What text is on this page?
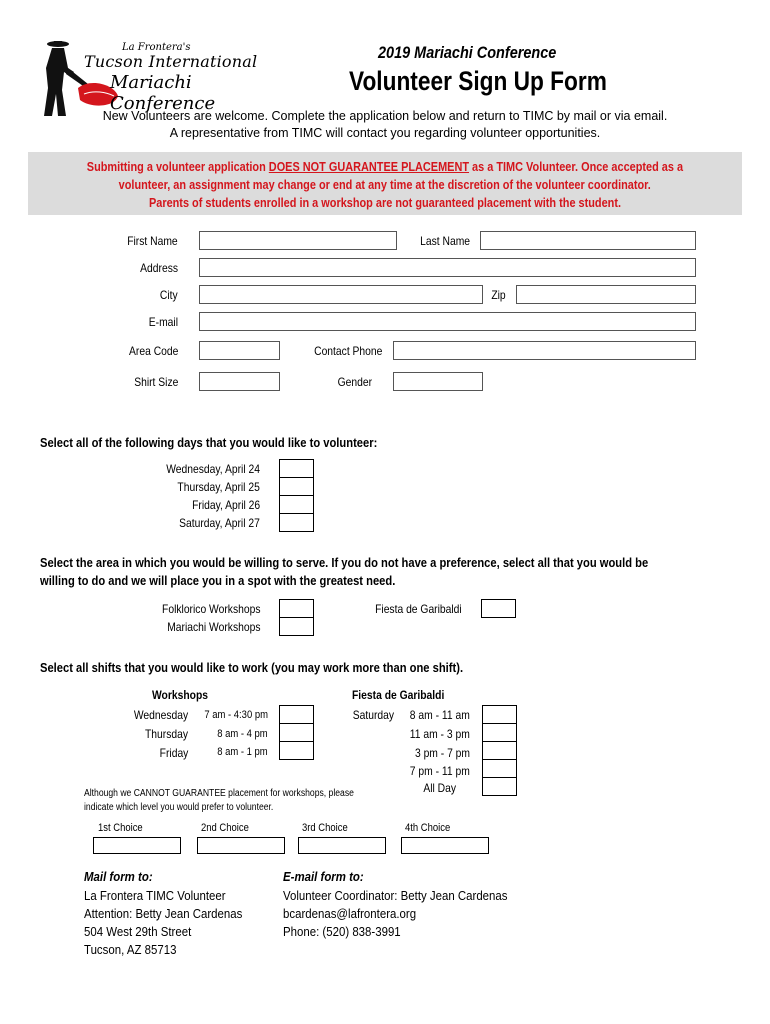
La Frontera's
Tucson International
Mariachi Conference
2019 Mariachi Conference
Volunteer Sign Up Form
New Volunteers are welcome. Complete the application below and return to TIMC by mail or via email.
A representative from TIMC will contact you regarding volunteer opportunities.
Submitting a volunteer application DOES NOT GUARANTEE PLACEMENT as a TIMC Volunteer. Once accepted as a
volunteer, an assignment may change or end at any time at the discretion of the volunteer coordinator.
Parents of students enrolled in a workshop are not guaranteed placement with the student.
First Name	Last Name
Address
City	Zip
E-mail
Area Code	Contact Phone
Shirt Size	Gender
Select all of the following days that you would like to volunteer:
Wednesday, April 24
Thursday, April 25
Friday, April 26
Saturday, April 27
Select the area in which you would be willing to serve. If you do not have a preference, select all that you would be
willing to do and we will place you in a spot with the greatest need.
Folklorico Workshops
Mariachi Workshops
Fiesta de Garibaldi
Select all shifts that you would like to work (you may work more than one shift).
Workshops
Wednesday 7 am - 4:30 pm
Thursday	8 am - 4 pm
Friday	8 am - 1 pm
Fiesta de Garibaldi
Saturday 8 am - 11 am
11 am - 3 pm
3 pm - 7 pm
7 pm - 11 pm
All Day
Although we CANNOT GUARANTEE placement for workshops, please
indicate which level you would prefer to volunteer.
1st Choice	2nd Choice	3rd Choice	4th Choice
Mail form to:
La Frontera TIMC Volunteer
Attention: Betty Jean Cardenas
504 West 29th Street
Tucson, AZ 85713
E-mail form to:
Volunteer Coordinator: Betty Jean Cardenas
bcardenas@lafrontera.org
Phone: (520) 838-3991
